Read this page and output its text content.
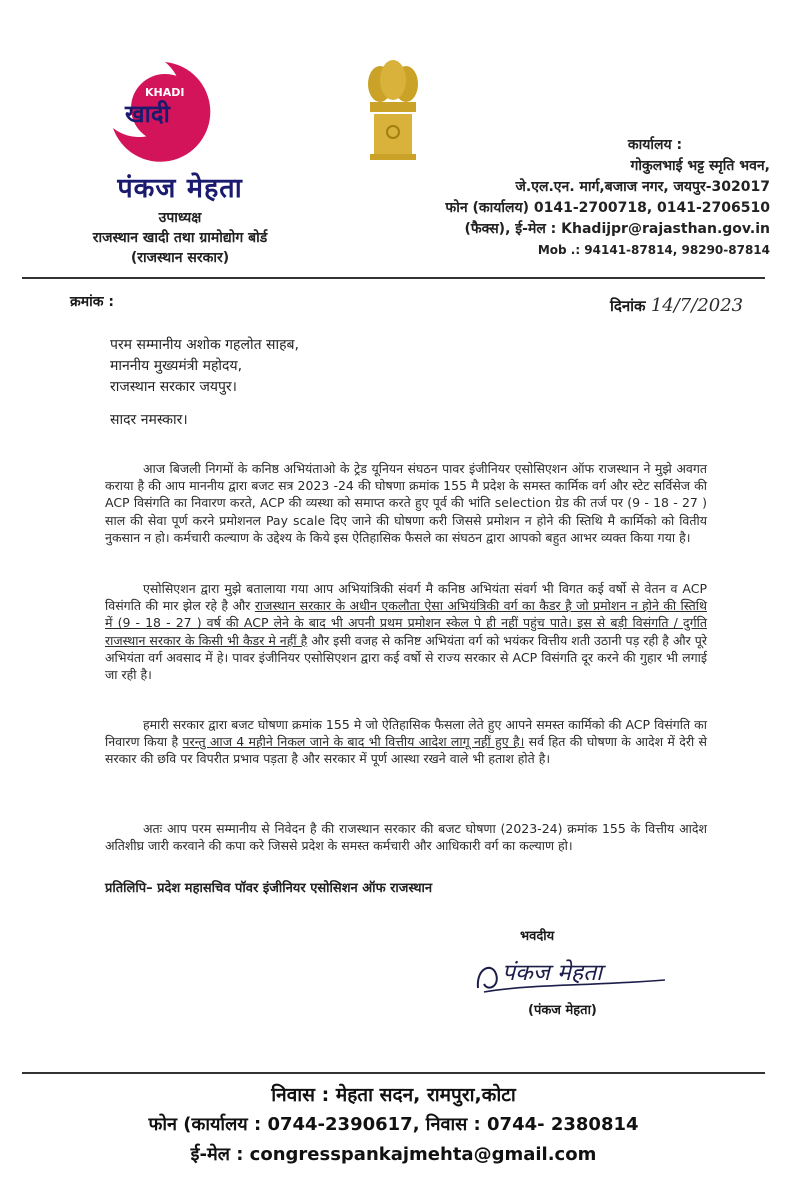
KHADI
खादी
पंकज मेहता
उपाध्यक्ष
राजस्थान खादी तथा ग्रामोद्योग बोर्ड
(राजस्थान सरकार)
कार्यालय :
गोकुलभाई भट्ट स्मृति भवन,
जे.एल.एन. मार्ग,बजाज नगर, जयपुर-302017
फोन (कार्यालय) 0141-2700718, 0141-2706510
(फैक्स), ई-मेल : Khadijpr@rajasthan.gov.in
Mob .: 94141-87814, 98290-87814
क्रमांक :	दिनांक 14/7/2023
परम सम्मानीय अशोक गहलोत साहब,
माननीय मुख्यमंत्री महोदय,
राजस्थान सरकार जयपुर।
सादर नमस्कार।

आज बिजली निगमों के कनिष्ठ अभियंताओ के ट्रेड यूनियन संघठन पावर इंजीनियर एसोसिएशन ऑफ राजस्थान ने मुझे अवगत कराया है की आप माननीय द्वारा बजट सत्र 2023 -24 की घोषणा क्रमांक 155 मै प्रदेश के समस्त कार्मिक वर्ग और स्टेट सर्विसेज की ACP विसंगति का निवारण करते, ACP की व्यस्था को समाप्त करते हुए पूर्व की भांति selection ग्रेड की तर्ज पर (9 - 18 - 27 ) साल की सेवा पूर्ण करने प्रमोशनल Pay scale दिए जाने की घोषणा करी जिससे प्रमोशन न होने की स्तिथि मै कार्मिको को वितीय नुकसान न हो। कर्मचारी कल्याण के उद्देश्य के किये इस ऐतिहासिक फैसले का संघठन द्वारा आपको बहुत आभर व्यक्त किया गया है।

एसोसिएशन द्वारा मुझे बतालाया गया आप अभियांत्रिकी संवर्ग मै कनिष्ठ अभियंता संवर्ग भी विगत कई वर्षो से वेतन व ACP विसंगति की मार झेल रहे है और राजस्थान सरकार के अधीन एकलौता ऐसा अभियंत्रिकी वर्ग का कैडर है जो प्रमोशन न होने की स्तिथि में (9 - 18 - 27 ) वर्ष की ACP लेने के बाद भी अपनी प्रथम प्रमोशन स्केल पे ही नहीं पहुंच पाते। इस से बड़ी विसंगति / दुर्गति राजस्थान सरकार के किसी भी कैडर मे नहीं है और इसी वजह से कनिष्ट अभियंता वर्ग को भयंकर वित्तीय शती उठानी पड़ रही है और पूरे अभियंता वर्ग अवसाद में हे। पावर इंजीनियर एसोसिएशन द्वारा कई वर्षो से राज्य सरकार से ACP विसंगति दूर करने की गुहार भी लगाई जा रही है।

हमारी सरकार द्वारा बजट घोषणा क्रमांक 155 मे जो ऐतिहासिक फैसला लेते हुए आपने समस्त कार्मिको की ACP विसंगति का निवारण किया है परन्तु आज 4 महीने निकल जाने के बाद भी वित्तीय आदेश लागू नहीं हुए है। सर्व हित की घोषणा के आदेश में देरी से सरकार की छवि पर विपरीत प्रभाव पड़ता है और सरकार में पूर्ण आस्था रखने वाले भी हताश होते है।

अतः आप परम सम्मानीय से निवेदन है की राजस्थान सरकार की बजट घोषणा (2023-24) क्रमांक 155 के वित्तीय आदेश अतिशीघ्र जारी करवाने की कपा करे जिससे प्रदेश के समस्त कर्मचारी और आधिकारी वर्ग का कल्याण हो।

प्रतिलिपि– प्रदेश महासचिव पॉवर इंजीनियर एसोसिशन ऑफ राजस्थान
भवदीय
पंकज मेहता
(पंकज मेहता)
निवास : मेहता सदन, रामपुरा,कोटा
फोन (कार्यालय : 0744-2390617, निवास : 0744- 2380814
ई-मेल : congresspankajmehta@gmail.com
